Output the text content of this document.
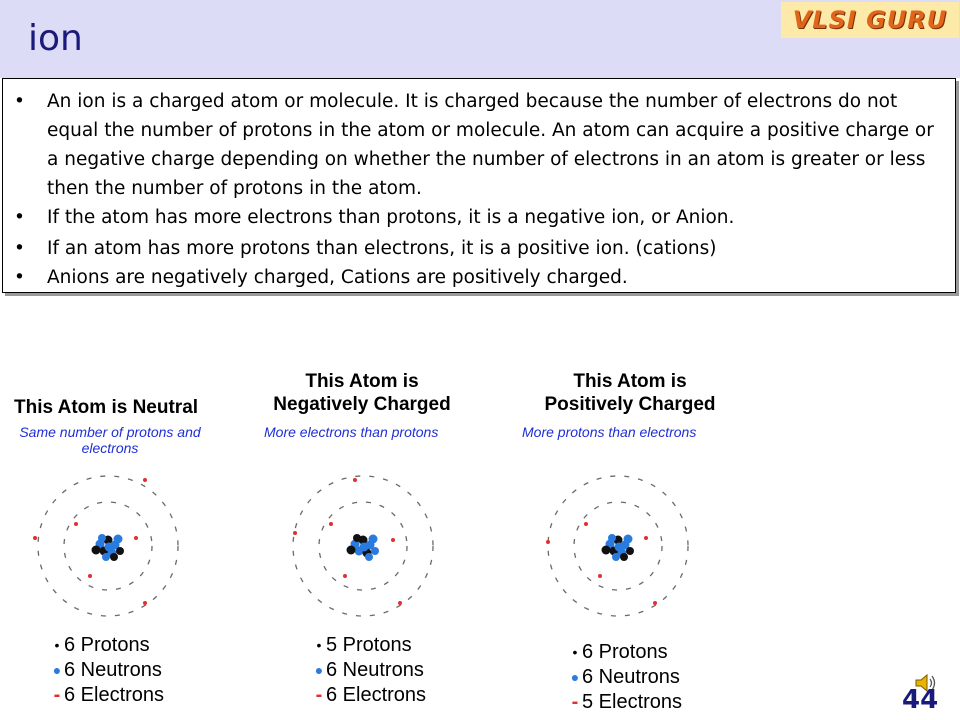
ion	VLSI GURU
• An ion is a charged atom or molecule. It is charged because the number of electrons do not equal the number of protons in the atom or molecule. An atom can acquire a positive charge or a negative charge depending on whether the number of electrons in an atom is greater or less then the number of protons in the atom.
• If the atom has more electrons than protons, it is a negative ion, or Anion.
• If an atom has more protons than electrons, it is a positive ion. (cations)
• Anions are negatively charged, Cations are positively charged.
This Atom is Neutral
Same number of protons and electrons
• 6 Protons
● 6 Neutrons
- 6 Electrons
This Atom is Negatively Charged
More electrons than protons
• 5 Protons
● 6 Neutrons
- 6 Electrons
This Atom is Positively Charged
More protons than electrons
• 6 Protons
● 6 Neutrons
- 5 Electrons	44
